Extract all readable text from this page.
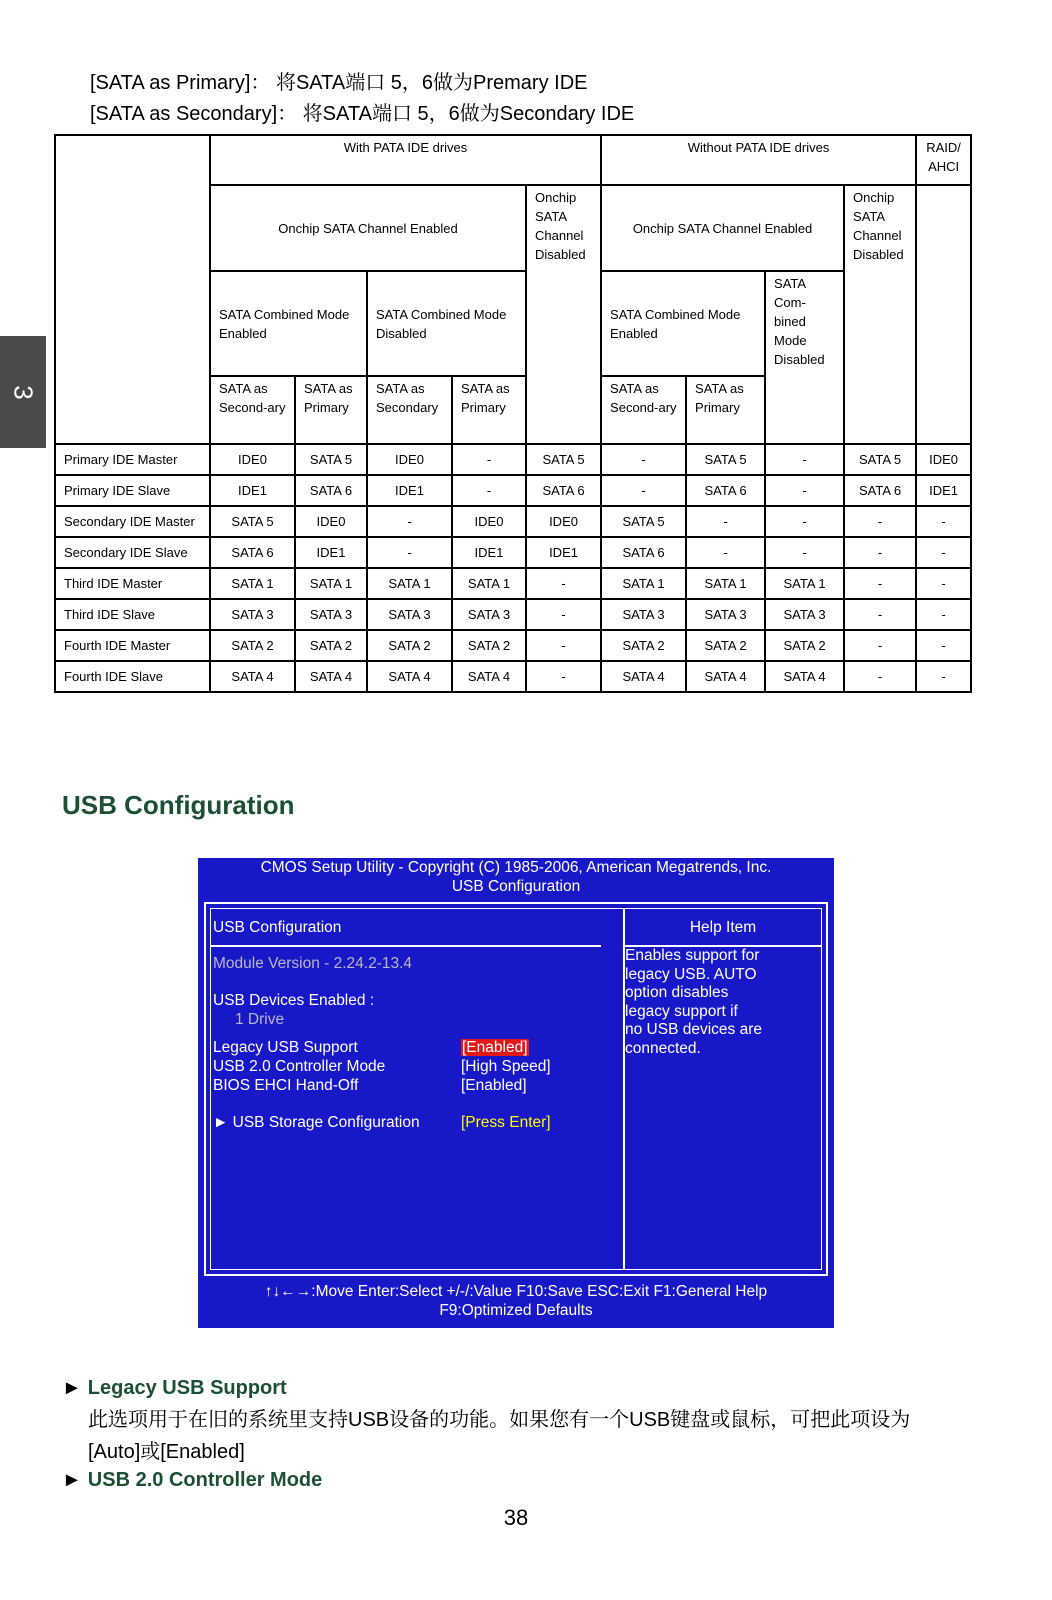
3
[SATA as Primary]： 将SATA端口 5，6做为Premary IDE
[SATA as Secondary]： 将SATA端口 5，6做为Secondary IDE
	With PATA IDE drives					Without PATA IDE drives				RAID/ AHCI
	Onchip SATA Channel Enabled				Onchip SATA Channel Disabled	Onchip SATA Channel Enabled			Onchip SATA Channel Disabled	
	SATA Combined Mode Enabled		SATA Combined Mode Disabled			SATA Combined Mode Enabled		SATA Com-bined Mode Disabled		
	SATA as Second-ary	SATA as Primary	SATA as Secondary	SATA as Primary		SATA as Second-ary	SATA as Primary			
Primary IDE Master	IDE0	SATA 5	IDE0	-	SATA 5	-	SATA 5	-	SATA 5	IDE0
Primary IDE Slave	IDE1	SATA 6	IDE1	-	SATA 6	-	SATA 6	-	SATA 6	IDE1
Secondary IDE Master	SATA 5	IDE0	-	IDE0	IDE0	SATA 5	-	-	-	-
Secondary IDE Slave	SATA 6	IDE1	-	IDE1	IDE1	SATA 6	-	-	-	-
Third IDE Master	SATA 1	SATA 1	SATA 1	SATA 1	-	SATA 1	SATA 1	SATA 1	-	-
Third IDE Slave	SATA 3	SATA 3	SATA 3	SATA 3	-	SATA 3	SATA 3	SATA 3	-	-
Fourth IDE Master	SATA 2	SATA 2	SATA 2	SATA 2	-	SATA 2	SATA 2	SATA 2	-	-
Fourth IDE Slave	SATA 4	SATA 4	SATA 4	SATA 4	-	SATA 4	SATA 4	SATA 4	-	-
USB Configuration
CMOS Setup Utility - Copyright (C) 1985-2006, American Megatrends, Inc.
USB Configuration
USB Configuration	Help Item
Module Version - 2.24.2-13.4
USB Devices Enabled :
1 Drive
Legacy USB Support	[Enabled]
USB 2.0 Controller Mode	[High Speed]
BIOS EHCI Hand-Off	[Enabled]
► USB Storage Configuration	[Press Enter]
Enables support for
legacy USB. AUTO
option disables
legacy support if
no USB devices are
connected.
↑↓←→:Move Enter:Select +/-/:Value F10:Save ESC:Exit F1:General Help
F9:Optimized Defaults
► Legacy USB Support
此选项用于在旧的系统里支持USB设备的功能。如果您有一个USB键盘或鼠标，可把此项设为
[Auto]或[Enabled]
► USB 2.0 Controller Mode
38
